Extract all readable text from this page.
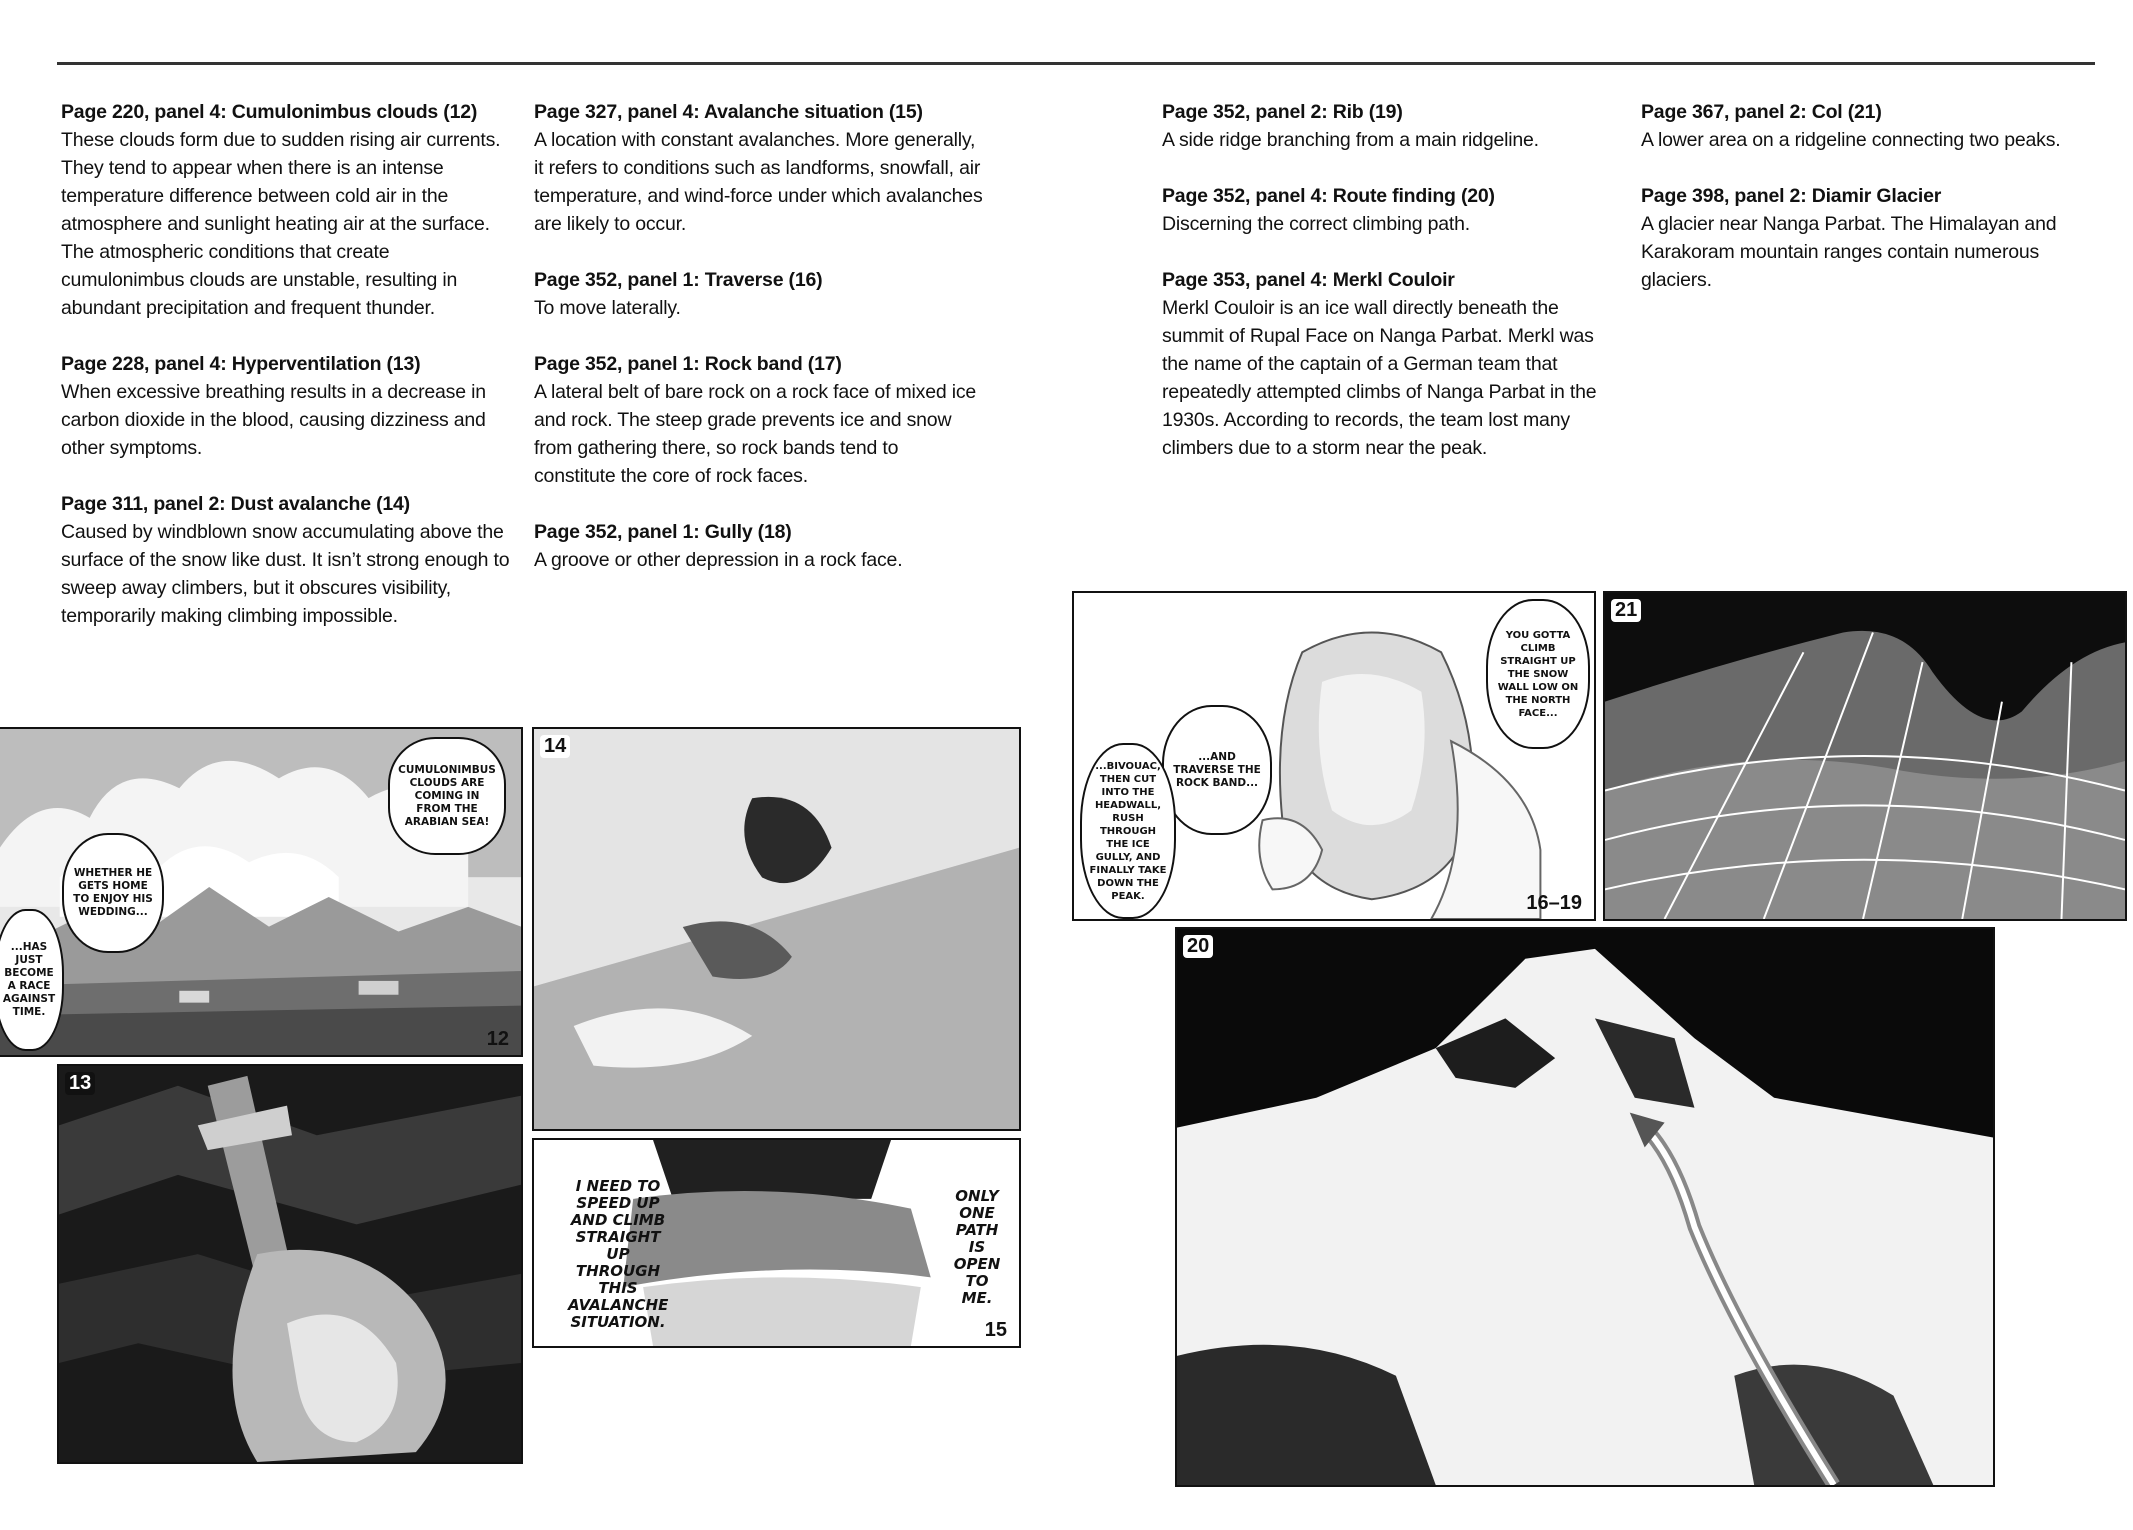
Page 220, panel 4: Cumulonimbus clouds (12)

These clouds form due to sudden rising air currents. They tend to appear when there is an intense temperature difference between cold air in the atmosphere and sunlight heating air at the surface. The atmospheric conditions that create cumulonimbus clouds are unstable, resulting in abundant precipitation and frequent thunder.

Page 228, panel 4: Hyperventilation (13)

When excessive breathing results in a decrease in carbon dioxide in the blood, causing dizziness and other symptoms.

Page 311, panel 2: Dust avalanche (14)

Caused by windblown snow accumulating above the surface of the snow like dust. It isn’t strong enough to sweep away climbers, but it obscures visibility, temporarily making climbing impossible.

Page 327, panel 4: Avalanche situation (15)

A location with constant avalanches. More generally, it refers to conditions such as landforms, snowfall, air temperature, and wind-force under which avalanches are likely to occur.

Page 352, panel 1: Traverse (16)

To move laterally.

Page 352, panel 1: Rock band (17)

A lateral belt of bare rock on a rock face of mixed ice and rock. The steep grade prevents ice and snow from gathering there, so rock bands tend to constitute the core of rock faces.

Page 352, panel 1: Gully (18)

A groove or other depression in a rock face.

Page 352, panel 2: Rib (19)

A side ridge branching from a main ridgeline.

Page 352, panel 4: Route finding (20)

Discerning the correct climbing path.

Page 353, panel 4: Merkl Couloir

Merkl Couloir is an ice wall directly beneath the summit of Rupal Face on Nanga Parbat. Merkl was the name of the captain of a German team that repeatedly attempted climbs of Nanga Parbat in the 1930s. According to records, the team lost many climbers due to a storm near the peak.

Page 367, panel 2: Col (21)

A lower area on a ridgeline connecting two peaks.

Page 398, panel 2: Diamir Glacier

A glacier near Nanga Parbat. The Himalayan and Karakoram mountain ranges contain numerous glaciers.

CUMULONIMBUS CLOUDS ARE COMING IN FROM THE ARABIAN SEA!
WHETHER HE GETS HOME TO ENJOY HIS WEDDING...
...HAS JUST BECOME A RACE AGAINST TIME.
12
13
14
I NEED TO SPEED UP AND CLIMB STRAIGHT UP THROUGH THIS AVALANCHE SITUATION.
ONLY ONE PATH IS OPEN TO ME.
15
YOU GOTTA CLIMB STRAIGHT UP THE SNOW WALL LOW ON THE NORTH FACE...
...AND TRAVERSE THE ROCK BAND...
...BIVOUAC, THEN CUT INTO THE HEADWALL, RUSH THROUGH THE ICE GULLY, AND FINALLY TAKE DOWN THE PEAK.	16–19
21
20
